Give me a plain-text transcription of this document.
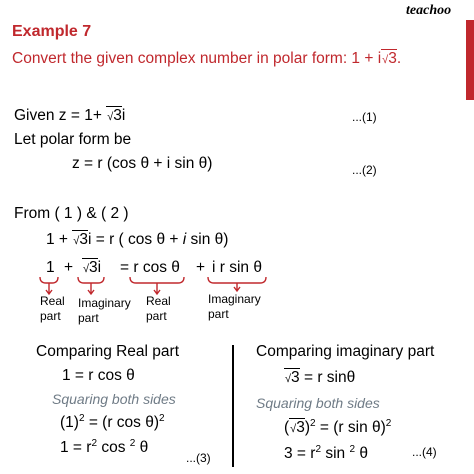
teachoo
Example 7
Convert the given complex number in polar form: 1 + i√3.
Given z = 1+ √3i	...(1)
Let polar form be
z = r (cos θ + i sin θ)	...(2)
From ( 1 ) & ( 2 )
1 + √3i = r ( cos θ + i sin θ)
1 + √3i = r cos θ + i r sin θ
Real
part
Imaginary
part
Real
part
Imaginary
part
Comparing Real part
1 = r cos θ
Squaring both sides
$(1)^2 = (r$ cos θ)$^2$
$1 = r^2$ cos $^2$ θ
...(3)
Comparing imaginary part
√3 = r sinθ
Squaring both sides
$(√3)^2 = (r$ sin θ)$^2$
$3 = r^2$ sin $^2$ θ	...(4)
